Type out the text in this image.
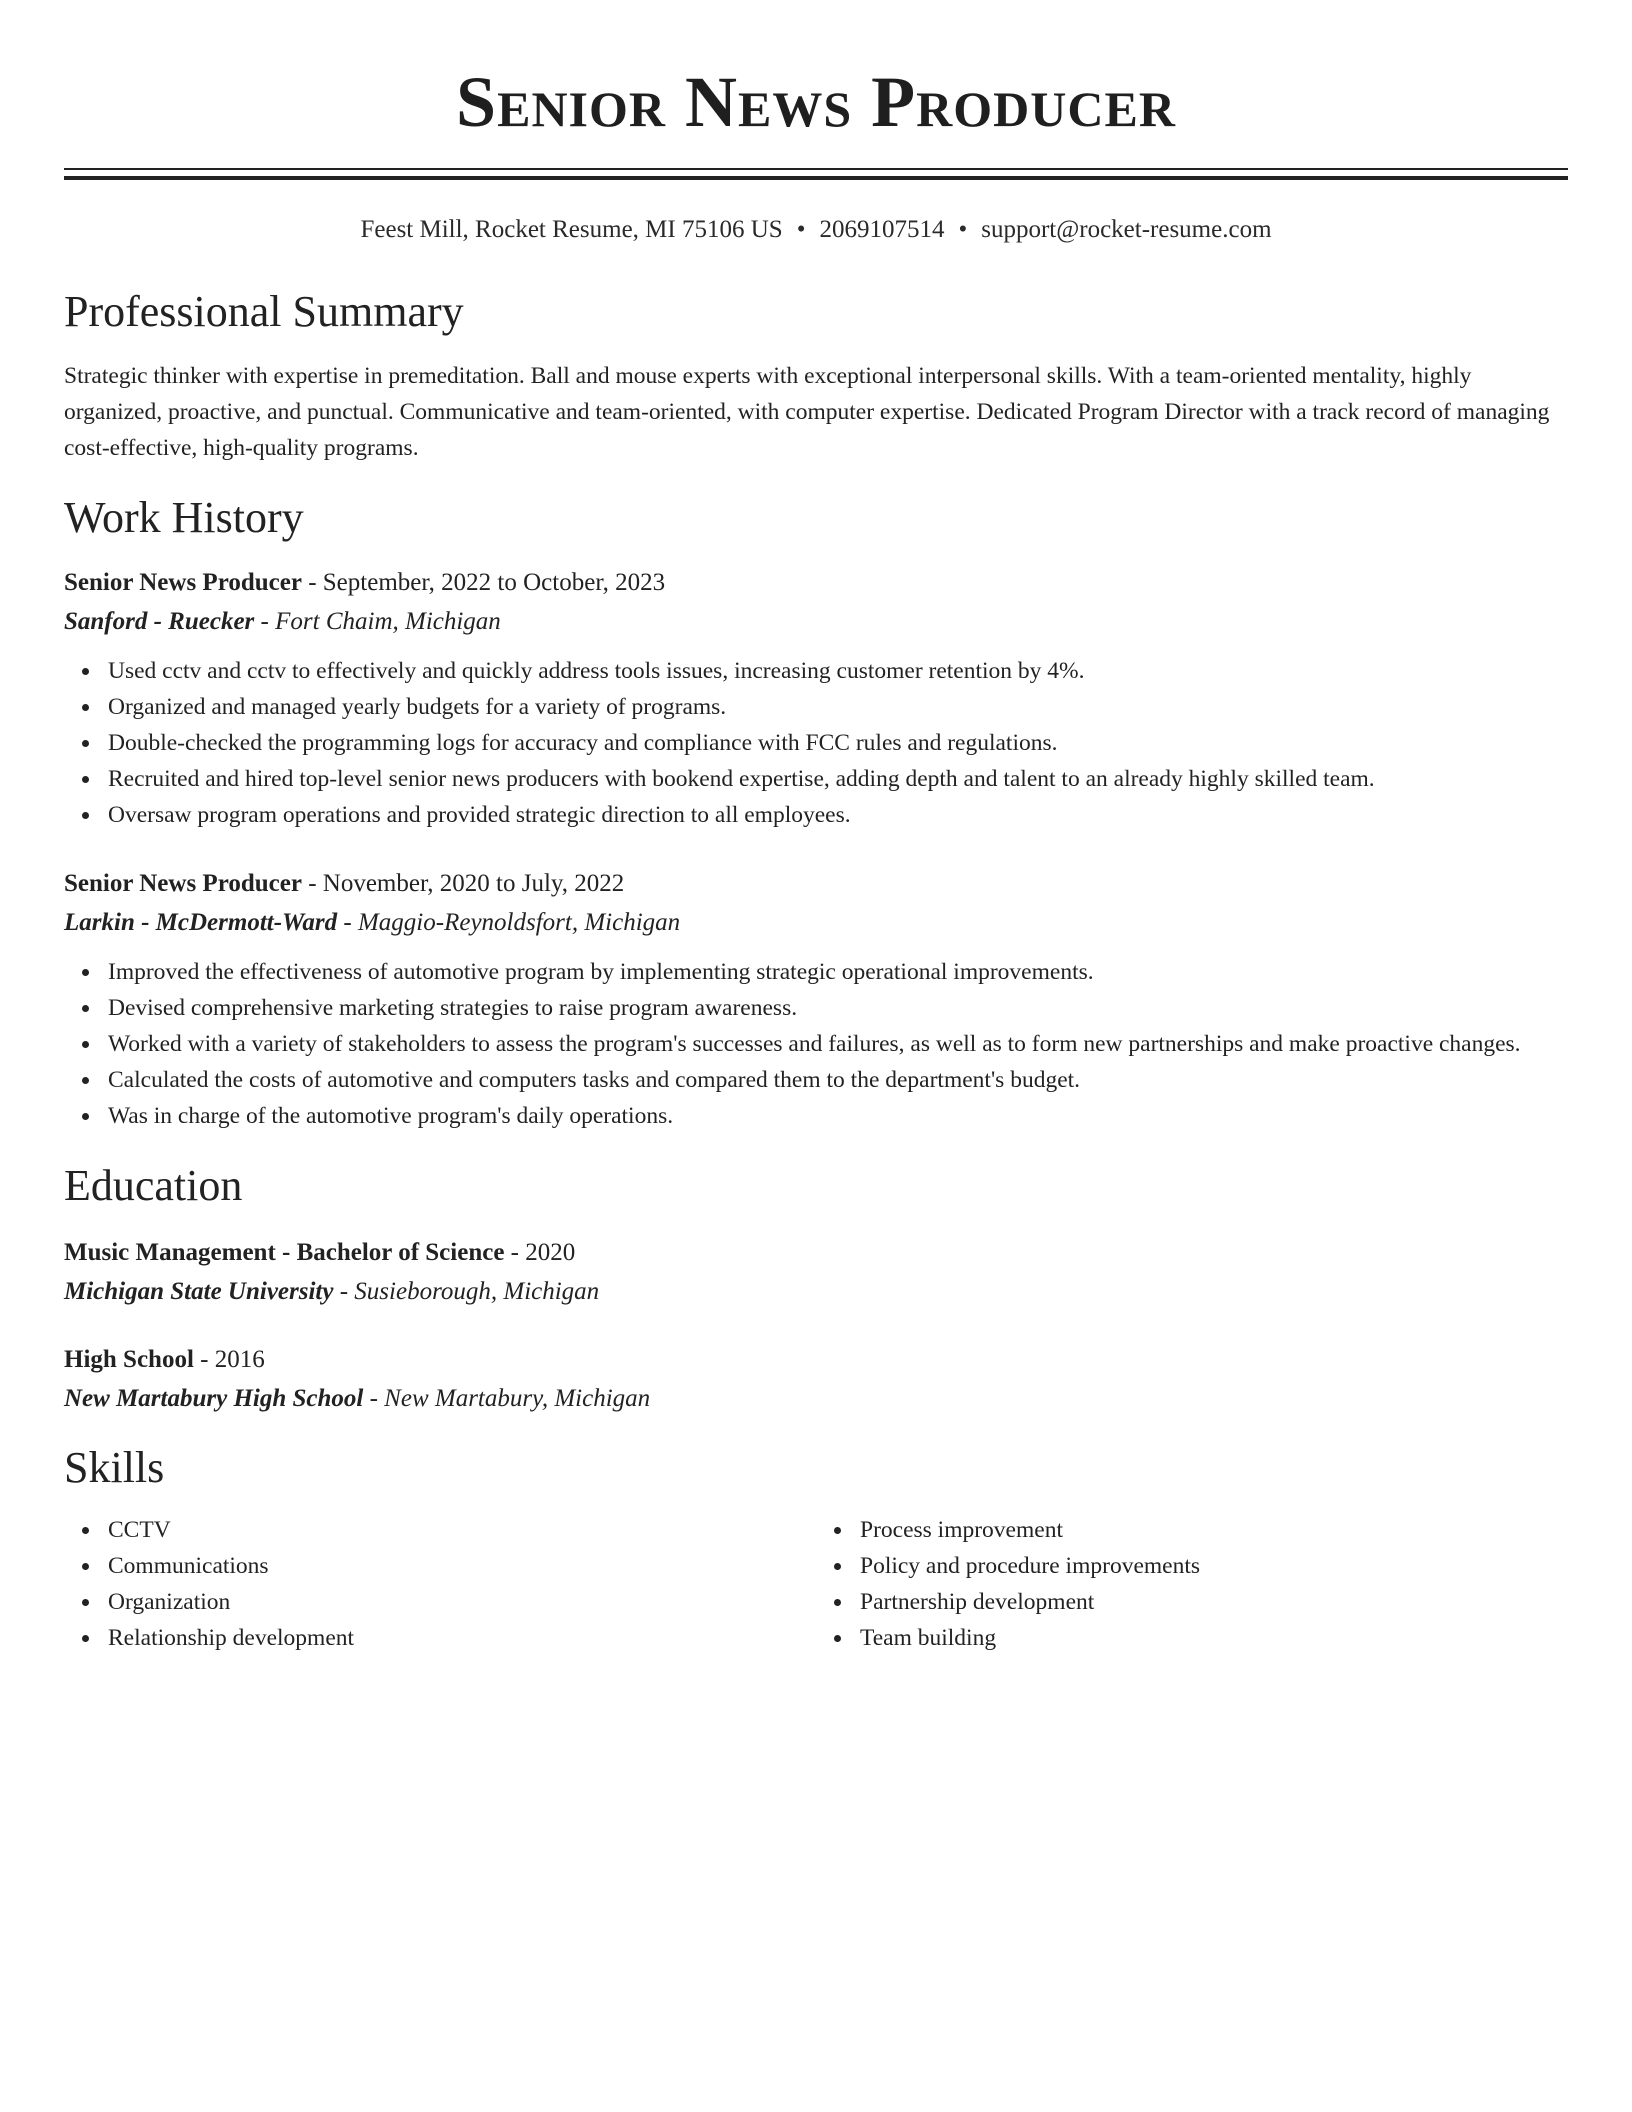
Senior News Producer
Feest Mill, Rocket Resume, MI 75106 US • 2069107514 • support@rocket-resume.com
Professional Summary

Strategic thinker with expertise in premeditation. Ball and mouse experts with exceptional interpersonal skills. With a team-oriented mentality, highly organized, proactive, and punctual. Communicative and team-oriented, with computer expertise. Dedicated Program Director with a track record of managing cost-effective, high-quality programs.

Work History
Senior News Producer - September, 2022 to October, 2023
Sanford - Ruecker - Fort Chaim, Michigan
Used cctv and cctv to effectively and quickly address tools issues, increasing customer retention by 4%.
Organized and managed yearly budgets for a variety of programs.
Double-checked the programming logs for accuracy and compliance with FCC rules and regulations.
Recruited and hired top-level senior news producers with bookend expertise, adding depth and talent to an already highly skilled team.
Oversaw program operations and provided strategic direction to all employees.
Senior News Producer - November, 2020 to July, 2022
Larkin - McDermott-Ward - Maggio-Reynoldsfort, Michigan
Improved the effectiveness of automotive program by implementing strategic operational improvements.
Devised comprehensive marketing strategies to raise program awareness.
Worked with a variety of stakeholders to assess the program's successes and failures, as well as to form new partnerships and make proactive changes.
Calculated the costs of automotive and computers tasks and compared them to the department's budget.
Was in charge of the automotive program's daily operations.
Education
Music Management - Bachelor of Science - 2020
Michigan State University - Susieborough, Michigan
High School - 2016
New Martabury High School - New Martabury, Michigan
Skills
CCTV
Communications
Organization
Relationship development
Process improvement
Policy and procedure improvements
Partnership development
Team building
